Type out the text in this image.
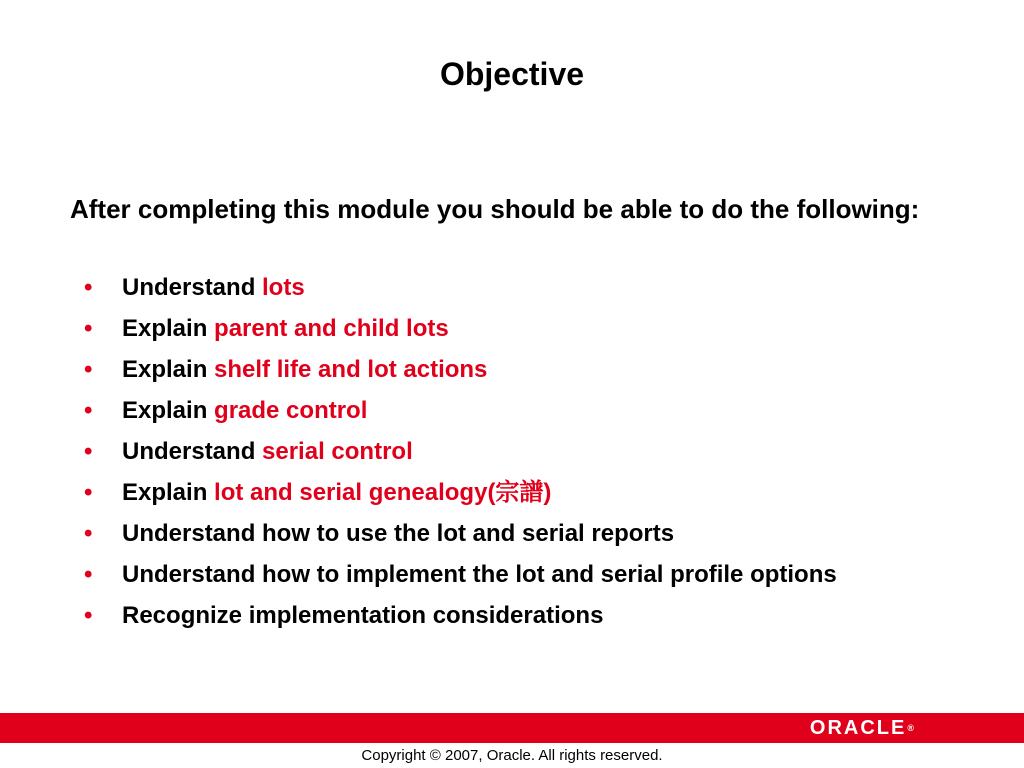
Objective
After completing this module you should be able to do the following:
•	Understand lots
•	Explain parent and child lots
•	Explain shelf life and lot actions
•	Explain grade control
•	Understand serial control
•	Explain lot and serial genealogy(宗譜)
•	Understand how to use the lot and serial reports
•	Understand how to implement the lot and serial profile options
•	Recognize implementation considerations
ORACLE®
Copyright © 2007, Oracle. All rights reserved.
